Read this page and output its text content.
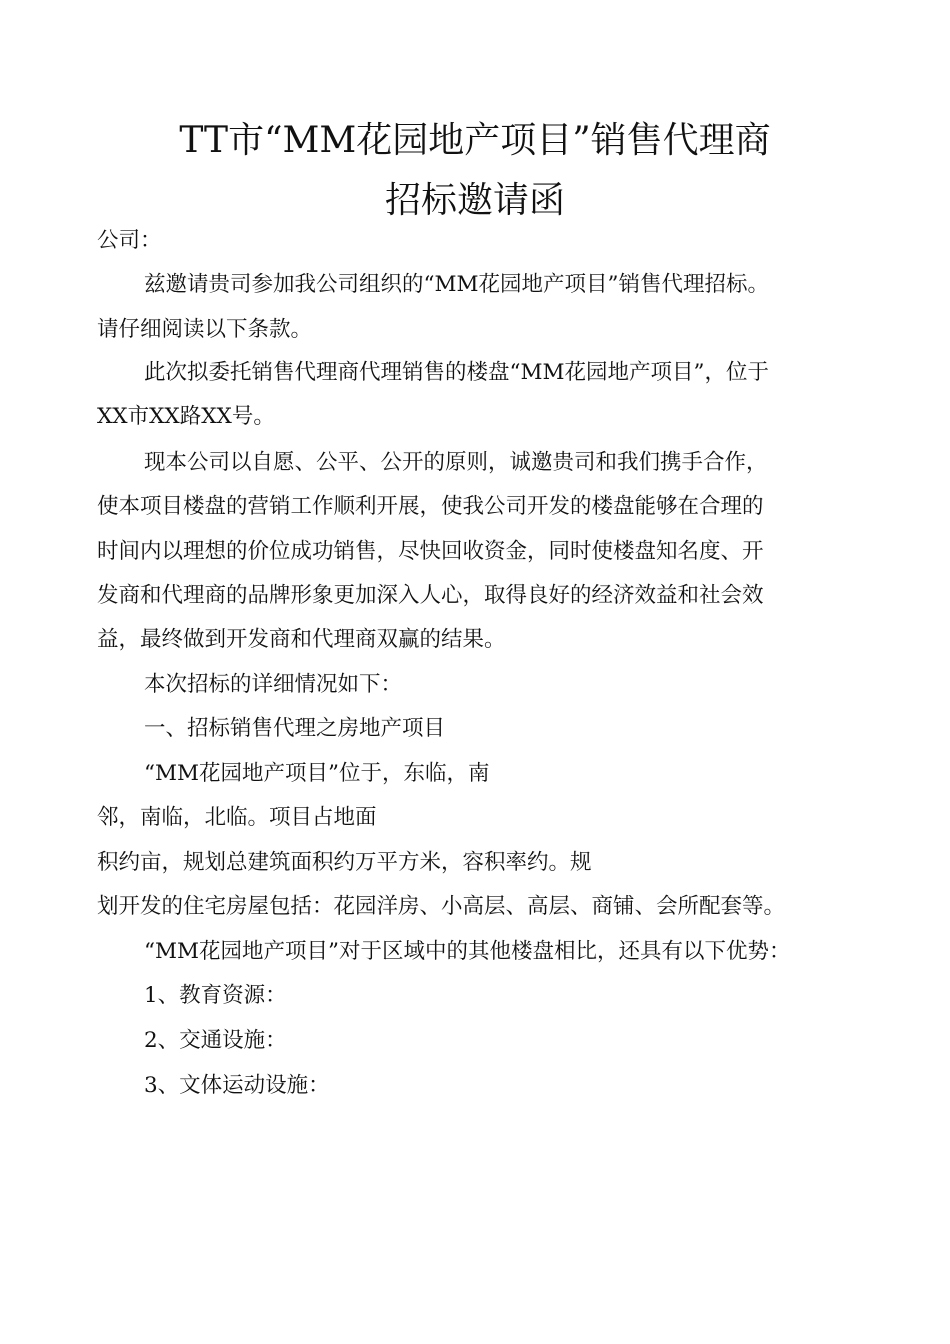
TT市“MM花园地产项目”销售代理商
招标邀请函
公司：
兹邀请贵司参加我公司组织的“MM花园地产项目”销售代理招标。
请仔细阅读以下条款。
此次拟委托销售代理商代理销售的楼盘“MM花园地产项目”，位于
XX市XX路XX号。
现本公司以自愿、公平、公开的原则，诚邀贵司和我们携手合作，
使本项目楼盘的营销工作顺利开展，使我公司开发的楼盘能够在合理的
时间内以理想的价位成功销售，尽快回收资金，同时使楼盘知名度、开
发商和代理商的品牌形象更加深入人心，取得良好的经济效益和社会效
益，最终做到开发商和代理商双赢的结果。
本次招标的详细情况如下：
一、招标销售代理之房地产项目
“MM花园地产项目”位于，东临，南
邻，南临，北临。项目占地面
积约亩，规划总建筑面积约万平方米，容积率约。规
划开发的住宅房屋包括：花园洋房、小高层、高层、商铺、会所配套等。
“MM花园地产项目”对于区域中的其他楼盘相比，还具有以下优势：
1、教育资源：
2、交通设施：
3、文体运动设施：
